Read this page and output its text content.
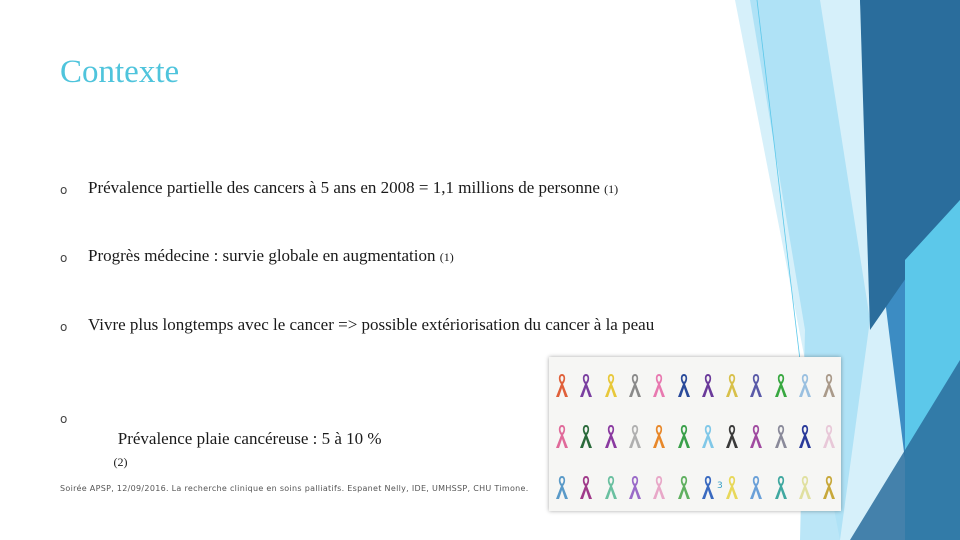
Contexte
o Prévalence partielle des cancers à 5 ans en 2008 = 1,1 millions de personne (1)
o Progrès médecine : survie globale en augmentation (1)
o Vivre plus longtemps avec le cancer => possible extériorisation du cancer à la peau
o

Prévalence plaie cancéreuse : 5 à 10 %
(2)

Soirée APSP, 12/09/2016. La recherche clinique en soins palliatifs. Espanet Nelly, IDE, UMHSSP, CHU Timone.	3
